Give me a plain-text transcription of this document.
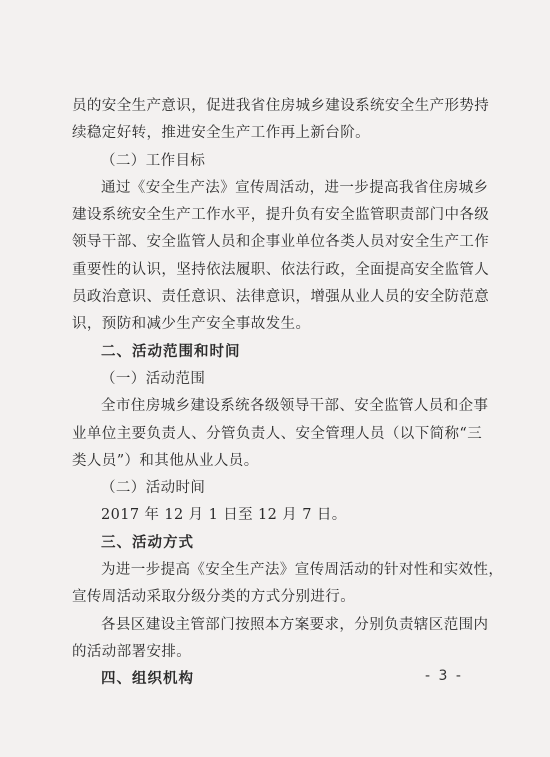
员的安全生产意识，促进我省住房城乡建设系统安全生产形势持
续稳定好转，推进安全生产工作再上新台阶。
（二）工作目标
通过《安全生产法》宣传周活动，进一步提高我省住房城乡
建设系统安全生产工作水平，提升负有安全监管职责部门中各级
领导干部、安全监管人员和企事业单位各类人员对安全生产工作
重要性的认识，坚持依法履职、依法行政，全面提高安全监管人
员政治意识、责任意识、法律意识，增强从业人员的安全防范意
识，预防和减少生产安全事故发生。
二、活动范围和时间
（一）活动范围
全市住房城乡建设系统各级领导干部、安全监管人员和企事
业单位主要负责人、分管负责人、安全管理人员（以下简称“三
类人员”）和其他从业人员。
（二）活动时间
2017 年 12 月 1 日至 12 月 7 日。
三、活动方式
为进一步提高《安全生产法》宣传周活动的针对性和实效性，
宣传周活动采取分级分类的方式分别进行。
各县区建设主管部门按照本方案要求，分别负责辖区范围内
的活动部署安排。
四、组织机构	- 3 -
